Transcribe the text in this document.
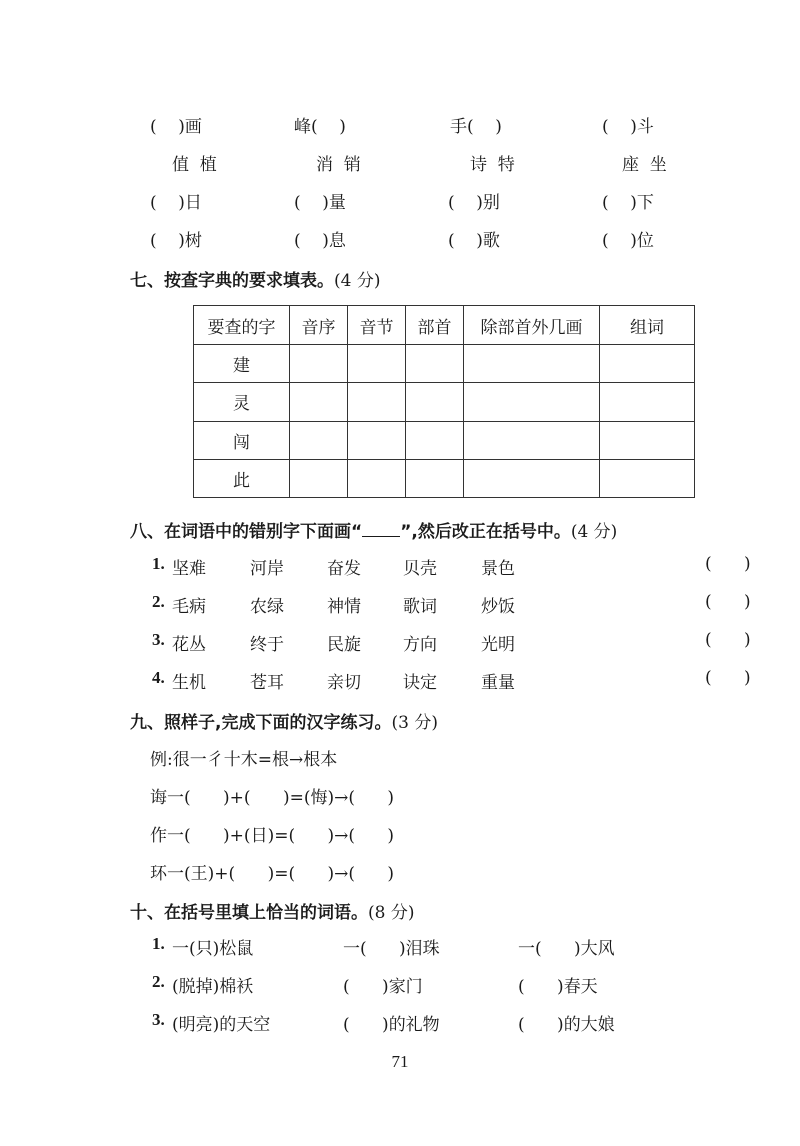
(    )画	峰(    )	手(    )	(    )斗
值  植	消  销	诗  特	座  坐
(    )日	(    )量	(    )别	(    )下
(    )树	(    )息	(    )歌	(    )位
七、按查字典的要求填表。(4 分)
要查的字	音序	音节	部首	除部首外几画	组词
建					
灵					
闯					
此					
八、在词语中的错别字下面画“ ”,然后改正在括号中。(4 分)
1. 坚难	河岸	奋发 贝壳	景色	(      )
2. 毛病	农绿	神情 歌词	炒饭	(      )
3. 花丛	终于	民旋 方向	光明	(      )
4. 生机	苍耳	亲切 诀定	重量	(      )
九、照样子,完成下面的汉字练习。(3 分)
例:很一彳十木=根→根本
诲一(      )+(      )=(悔)→(      )
作一(      )+(日)=(      )→(      )
环一(王)+(      )=(      )→(      )
十、在括号里填上恰当的词语。(8 分)
1. 一(只)松鼠	一(      )泪珠	一(      )大风
2. (脱掉)棉袄	(      )家门	(      )春天
3. (明亮)的天空	(      )的礼物	(      )的大娘
71
